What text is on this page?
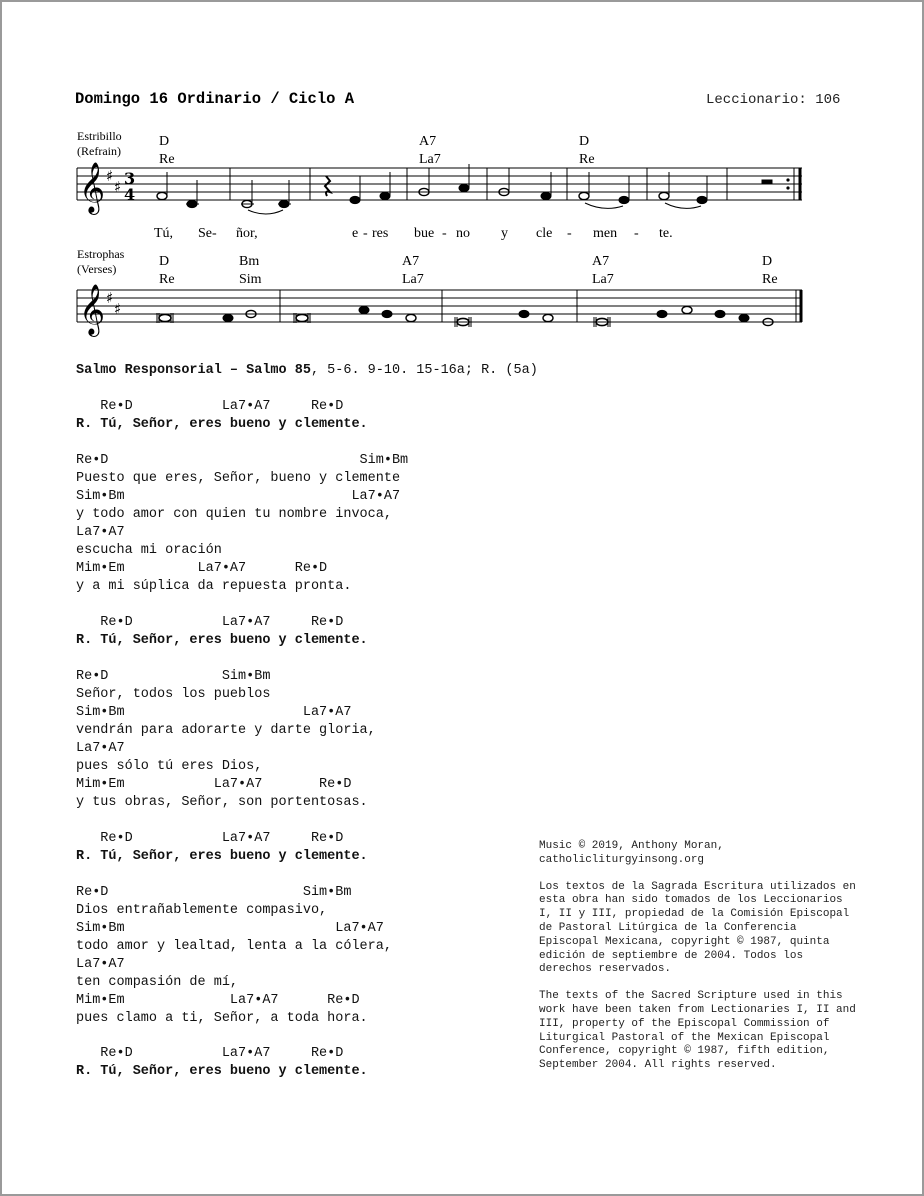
Domingo 16 Ordinario / Ciclo A	Leccionario: 106
Estribillo
(Refrain)
D
Re
A7
La7
D
Re
𝄞 ♯
♯ 3
4
Tú, Se- ñor,	e - res bue - no y cle - men - te.
Estrophas
(Verses)	D
Re
Bm
Sim
A7
La7
A7
La7
D
Re
𝄞 ♯
♯
Salmo Responsorial – Salmo 85, 5-6. 9-10. 15-16a; R. (5a)
Re•D           La7•A7     Re•D
R. Tú, Señor, eres bueno y clemente.
Re•D                               Sim•Bm
Puesto que eres, Señor, bueno y clemente
Sim•Bm                            La7•A7
y todo amor con quien tu nombre invoca,
La7•A7
escucha mi oración
Mim•Em         La7•A7      Re•D
y a mi súplica da repuesta pronta.
Re•D           La7•A7     Re•D
R. Tú, Señor, eres bueno y clemente.
Re•D              Sim•Bm
Señor, todos los pueblos
Sim•Bm                      La7•A7
vendrán para adorarte y darte gloria,
La7•A7
pues sólo tú eres Dios,
Mim•Em           La7•A7       Re•D
y tus obras, Señor, son portentosas.
Re•D           La7•A7     Re•D
R. Tú, Señor, eres bueno y clemente.
Re•D                        Sim•Bm
Dios entrañablemente compasivo,
Sim•Bm                          La7•A7
todo amor y lealtad, lenta a la cólera,
La7•A7
ten compasión de mí,
Mim•Em             La7•A7      Re•D
pues clamo a ti, Señor, a toda hora.
Re•D           La7•A7     Re•D
R. Tú, Señor, eres bueno y clemente.

Music © 2019, Anthony Moran, catholicliturgyinsong.org

Los textos de la Sagrada Escritura utilizados en esta obra han sido tomados de los Leccionarios I, II y III, propiedad de la Comisión Episcopal de Pastoral Litúrgica de la Conferencia Episcopal Mexicana, copyright © 1987, quinta edición de septiembre de 2004. Todos los derechos reservados.

The texts of the Sacred Scripture used in this work have been taken from Lectionaries I, II and III, property of the Episcopal Commission of Liturgical Pastoral of the Mexican Episcopal Conference, copyright © 1987, fifth edition, September 2004. All rights reserved.
